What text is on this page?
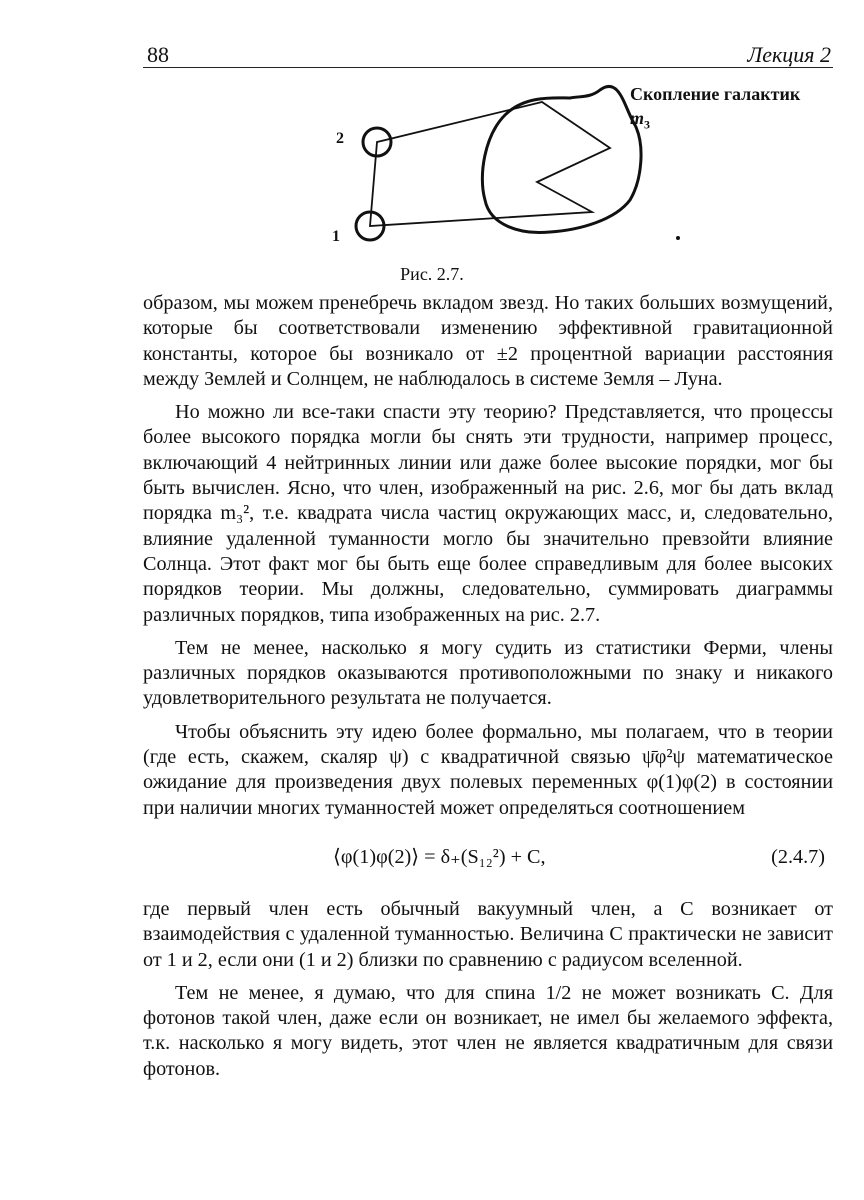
88	Лекция 2
Скопление галактик
$m_3$
2
1
Рис. 2.7.

образом, мы можем пренебречь вкладом звезд. Но таких больших возмущений, которые бы соответствовали изменению эффективной гравитационной константы, которое бы возникало от ±2 процентной вариации расстояния между Землей и Солнцем, не наблюдалось в системе Земля – Луна.

Но можно ли все-таки спасти эту теорию? Представляется, что процессы более высокого порядка могли бы снять эти трудности, например процесс, включающий 4 нейтринных линии или даже более высокие порядки, мог бы быть вычислен. Ясно, что член, изображенный на рис. 2.6, мог бы дать вклад порядка m₃², т.е. квадрата числа частиц окружающих масс, и, следовательно, влияние удаленной туманности могло бы значительно превзойти влияние Солнца. Этот факт мог бы быть еще более справедливым для более высоких порядков теории. Мы должны, следовательно, суммировать диаграммы различных порядков, типа изображенных на рис. 2.7.

Тем не менее, насколько я могу судить из статистики Ферми, члены различных порядков оказываются противоположными по знаку и никакого удовлетворительного результата не получается.

Чтобы объяснить эту идею более формально, мы полагаем, что в теории (где есть, скажем, скаляр ψ) с квадратичной связью ψ̄φ²ψ математическое ожидание для произведения двух полевых переменных φ(1)φ(2) в состоянии при наличии многих туманностей может определяться соотношением

⟨φ(1)φ(2)⟩ = δ₊(S₁₂²) + C,	(2.4.7)

где первый член есть обычный вакуумный член, а C возникает от взаимодействия с удаленной туманностью. Величина C практически не зависит от 1 и 2, если они (1 и 2) близки по сравнению с радиусом вселенной.

Тем не менее, я думаю, что для спина 1/2 не может возникать C. Для фотонов такой член, даже если он возникает, не имел бы желаемого эффекта, т.к. насколько я могу видеть, этот член не является квадратичным для связи фотонов.
